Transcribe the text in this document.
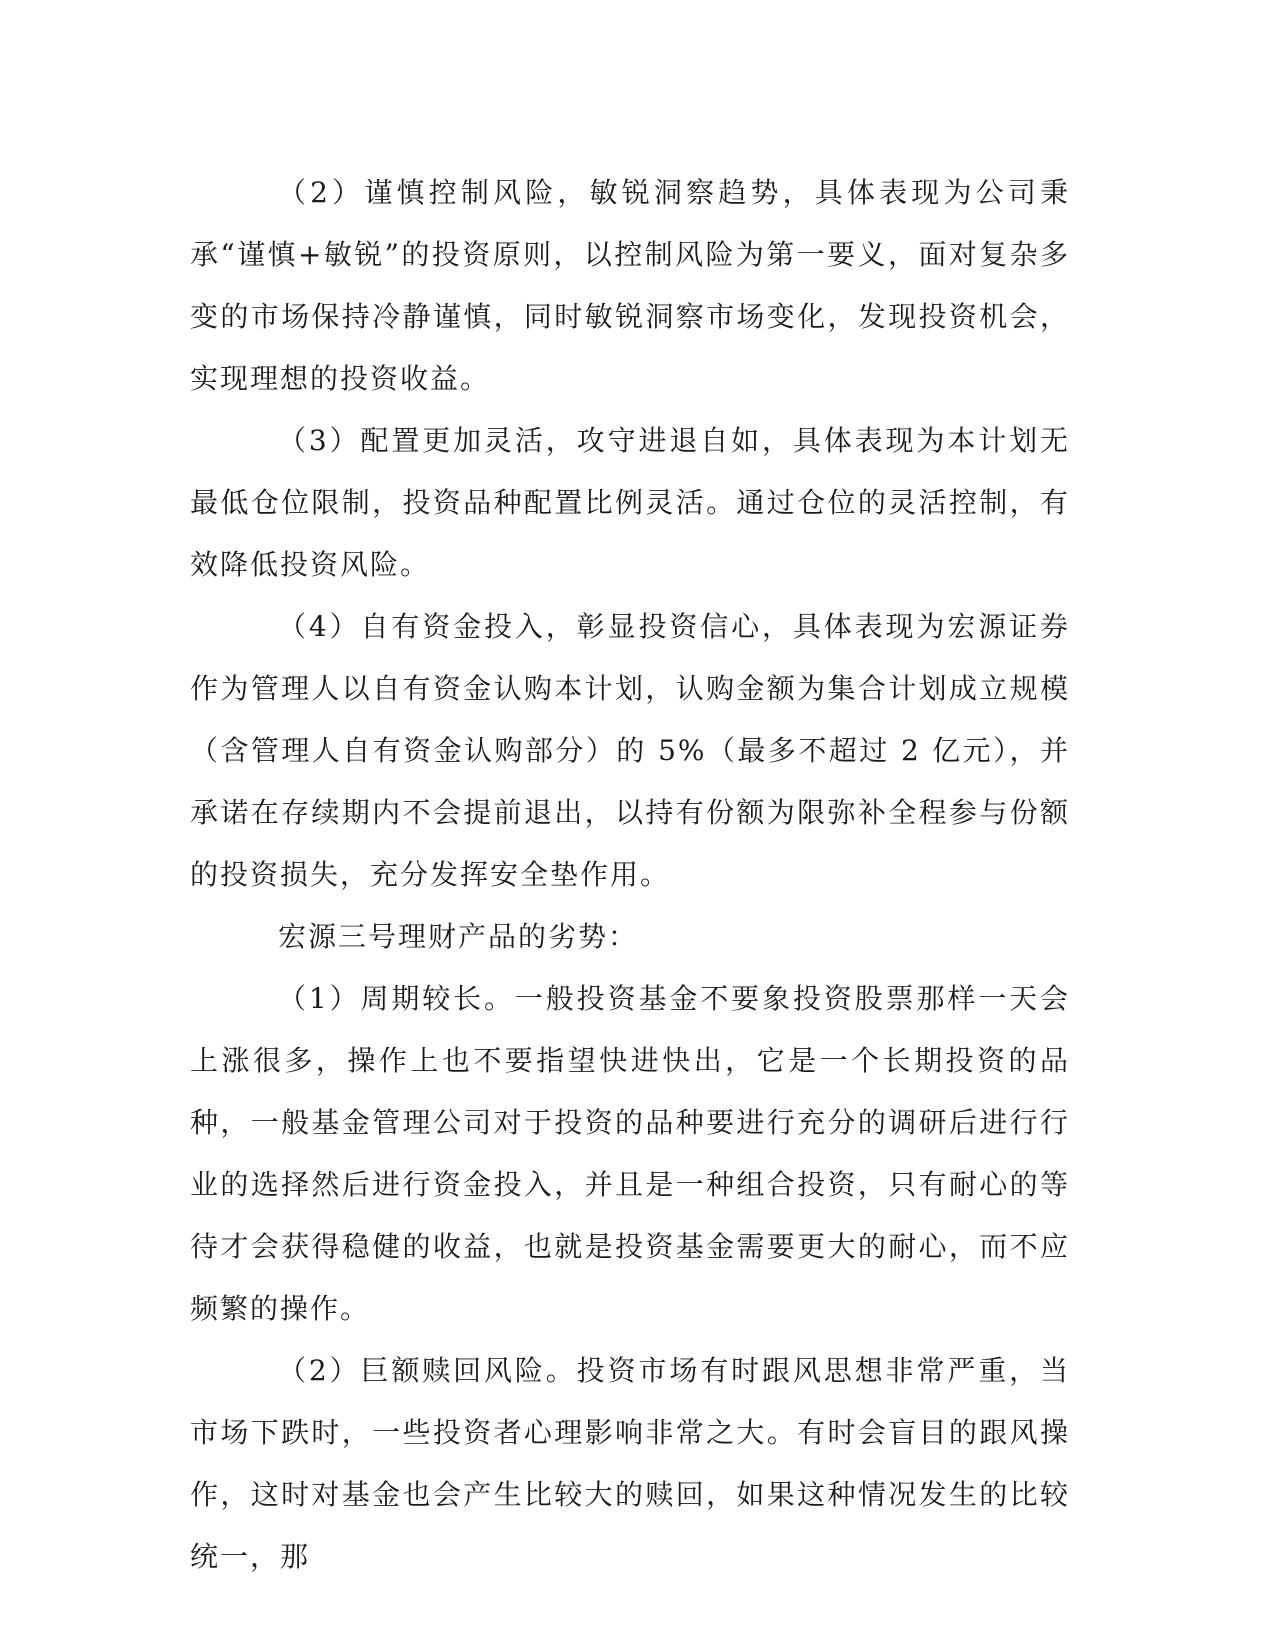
（2）谨慎控制风险，敏锐洞察趋势，具体表现为公司秉承“谨慎+敏锐”的投资原则，以控制风险为第一要义，面对复杂多变的市场保持冷静谨慎，同时敏锐洞察市场变化，发现投资机会，实现理想的投资收益。

（3）配置更加灵活，攻守进退自如，具体表现为本计划无最低仓位限制，投资品种配置比例灵活。通过仓位的灵活控制，有效降低投资风险。

（4）自有资金投入，彰显投资信心，具体表现为宏源证券作为管理人以自有资金认购本计划，认购金额为集合计划成立规模（含管理人自有资金认购部分）的 5%（最多不超过 2 亿元），并承诺在存续期内不会提前退出，以持有份额为限弥补全程参与份额的投资损失，充分发挥安全垫作用。

宏源三号理财产品的劣势：

（1）周期较长。一般投资基金不要象投资股票那样一天会上涨很多，操作上也不要指望快进快出，它是一个长期投资的品种，一般基金管理公司对于投资的品种要进行充分的调研后进行行业的选择然后进行资金投入，并且是一种组合投资，只有耐心的等待才会获得稳健的收益，也就是投资基金需要更大的耐心，而不应频繁的操作。

（2）巨额赎回风险。投资市场有时跟风思想非常严重，当市场下跌时，一些投资者心理影响非常之大。有时会盲目的跟风操作，这时对基金也会产生比较大的赎回，如果这种情况发生的比较统一，那
